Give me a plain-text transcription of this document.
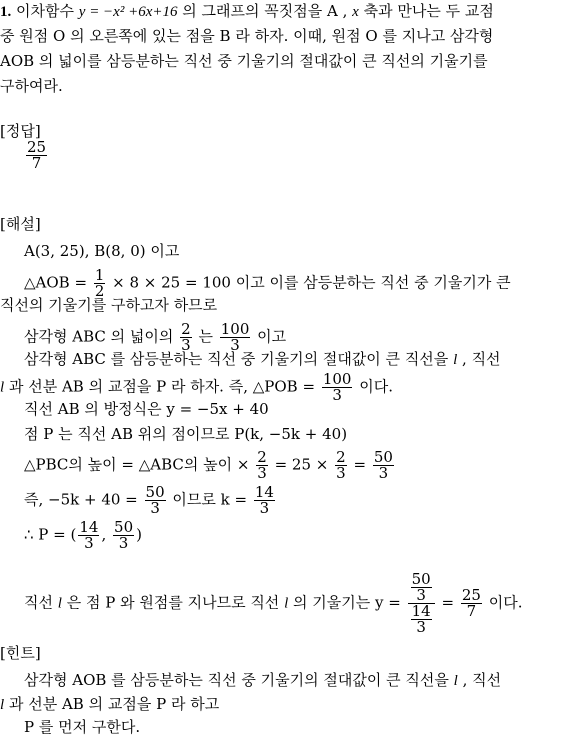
1. 이차함수 y = −x² +6x+16 의 그래프의 꼭짓점을 A , x 축과 만나는 두 교점
중 원점 O 의 오른쪽에 있는 점을 B 라 하자. 이때, 원점 O 를 지나고 삼각형
AOB 의 넓이를 삼등분하는 직선 중 기울기의 절대값이 큰 직선의 기울기를
구하여라.
[정답]
$\frac{25}{7}$
[해설]
A(3, 25), B(8, 0) 이고
△AOB = $\frac{1}{2} \times 8 \times 25 = 100$ 이고 이를 삼등분하는 직선 중 기울기가 큰
직선의 기울기를 구하고자 하므로
삼각형 ABC 의 넓이의 $\frac{2}{3}$ 는 $\frac{100}{3}$ 이고
삼각형 ABC 를 삼등분하는 직선 중 기울기의 절대값이 큰 직선을 l , 직선
l 과 선분 AB 의 교점을 P 라 하자. 즉, △POB = $\frac{100}{3}$ 이다.
직선 AB 의 방정식은 y = −5x + 40
점 P 는 직선 AB 위의 점이므로 P(k, −5k + 40)
△PBC의 높이 = △ABC의 높이 × $\frac{2}{3} = 25 \times \frac{2}{3} = \frac{50}{3}$
즉, $-5k + 40 = \frac{50}{3}$ 이므로 $k = \frac{14}{3}$
∴ P = ( $\frac{14}{3}$ , $\frac{50}{3}$ )
직선 l 은 점 P 와 원점를 지나므로 직선 l 의 기울기는 $y = \frac{\frac{50}{3}}{\frac{14}{3}} = \frac{25}{7}$ 이다.
[힌트]
삼각형 AOB 를 삼등분하는 직선 중 기울기의 절대값이 큰 직선을 l , 직선
l 과 선분 AB 의 교점을 P 라 하고
P 를 먼저 구한다.
